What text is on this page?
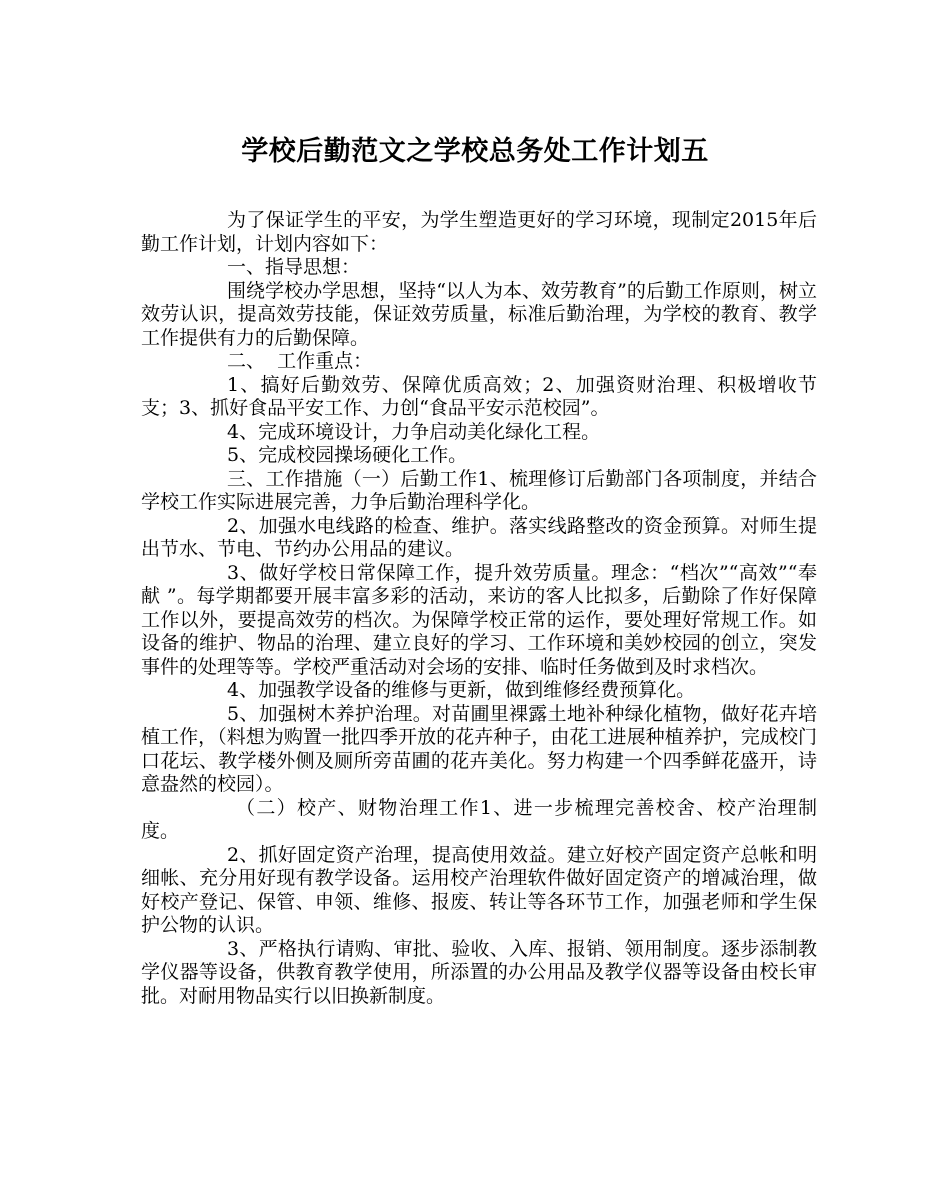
学校后勤范文之学校总务处工作计划五

为了保证学生的平安，为学生塑造更好的学习环境，现制定2015年后勤工作计划，计划内容如下：

一、指导思想：

围绕学校办学思想，坚持“以人为本、效劳教育”的后勤工作原则，树立效劳认识，提高效劳技能，保证效劳质量，标准后勤治理，为学校的教育、教学工作提供有力的后勤保障。

二、  工作重点：

1、搞好后勤效劳、保障优质高效；2、加强资财治理、积极增收节支；3、抓好食品平安工作、力创“食品平安示范校园”。

4、完成环境设计，力争启动美化绿化工程。

5、完成校园操场硬化工作。

三、工作措施（一）后勤工作1、梳理修订后勤部门各项制度，并结合学校工作实际进展完善，力争后勤治理科学化。

2、加强水电线路的检查、维护。落实线路整改的资金预算。对师生提出节水、节电、节约办公用品的建议。

3、做好学校日常保障工作，提升效劳质量。理念：“档次”“高效”“奉献 ”。每学期都要开展丰富多彩的活动，来访的客人比拟多，后勤除了作好保障工作以外，要提高效劳的档次。为保障学校正常的运作，要处理好常规工作。如设备的维护、物品的治理、建立良好的学习、工作环境和美妙校园的创立，突发事件的处理等等。学校严重活动对会场的安排、临时任务做到及时求档次。

4、加强教学设备的维修与更新，做到维修经费预算化。

5、加强树木养护治理。对苗圃里裸露土地补种绿化植物，做好花卉培植工作，（料想为购置一批四季开放的花卉种子，由花工进展种植养护，完成校门口花坛、教学楼外侧及厕所旁苗圃的花卉美化。努力构建一个四季鲜花盛开，诗意盎然的校园）。

（二）校产、财物治理工作1、进一步梳理完善校舍、校产治理制度。

2、抓好固定资产治理，提高使用效益。建立好校产固定资产总帐和明细帐、充分用好现有教学设备。运用校产治理软件做好固定资产的增减治理，做好校产登记、保管、申领、维修、报废、转让等各环节工作，加强老师和学生保护公物的认识。

3、严格执行请购、审批、验收、入库、报销、领用制度。逐步添制教学仪器等设备，供教育教学使用，所添置的办公用品及教学仪器等设备由校长审批。对耐用物品实行以旧换新制度。
